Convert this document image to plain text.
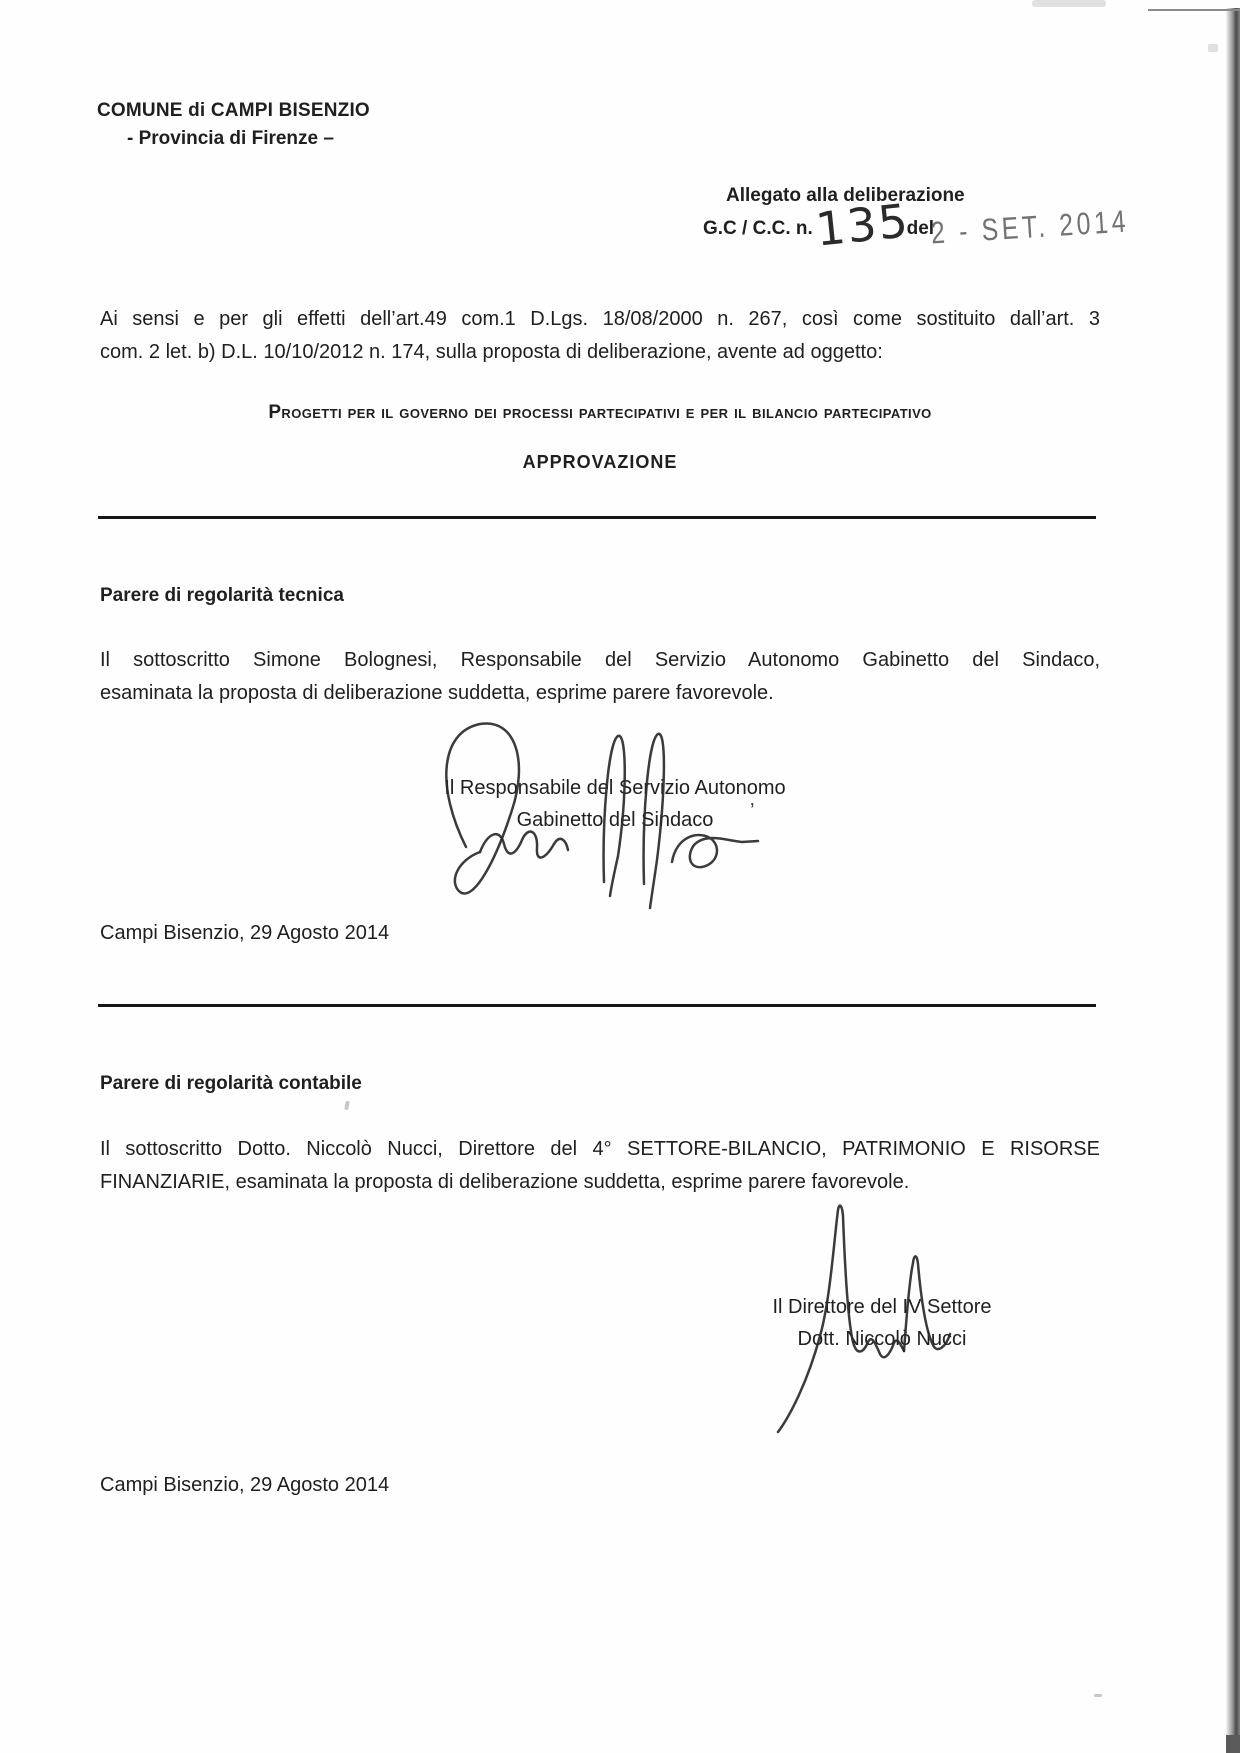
COMUNE di CAMPI BISENZIO
- Provincia di Firenze –
Allegato alla deliberazione
G.C / C.C. n.135del
2 - SET. 2014
Ai sensi e per gli effetti dell’art.49 com.1 D.Lgs. 18/08/2000 n. 267, così come sostituito dall’art. 3
com. 2 let. b) D.L. 10/10/2012 n. 174, sulla proposta di deliberazione, avente ad oggetto:
Progetti per il governo dei processi partecipativi e per il bilancio partecipativo
APPROVAZIONE
Parere di regolarità tecnica
Il sottoscritto Simone Bolognesi, Responsabile del Servizio Autonomo Gabinetto del Sindaco,
esaminata la proposta di deliberazione suddetta, esprime parere favorevole.
Il Responsabile del Servizio Autonomo
Gabinetto del Sindaco	’
Campi Bisenzio, 29 Agosto 2014
Parere di regolarità contabile
Il sottoscritto Dotto. Niccolò Nucci, Direttore del 4° SETTORE-BILANCIO, PATRIMONIO E RISORSE
FINANZIARIE, esaminata la proposta di deliberazione suddetta, esprime parere favorevole.
Il Direttore del IV Settore
Dott. Niccolò Nucci
Campi Bisenzio, 29 Agosto 2014
